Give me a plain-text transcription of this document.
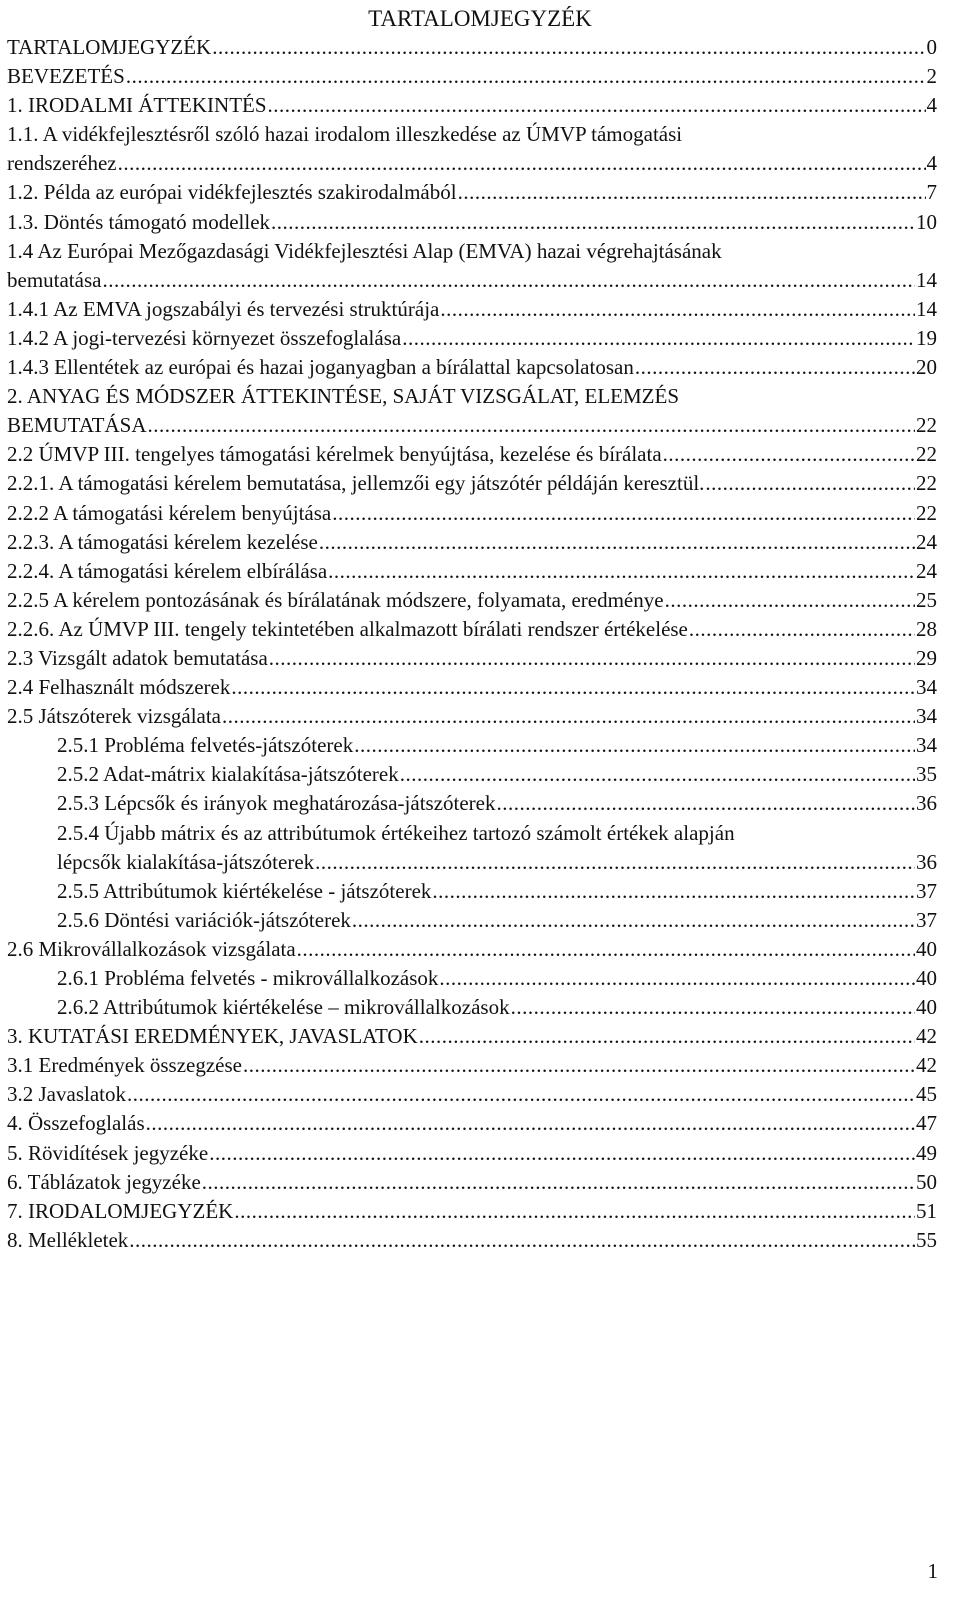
TARTALOMJEGYZÉK
TARTALOMJEGYZÉK .....	0
BEVEZETÉS .....	2
1. IRODALMI ÁTTEKINTÉS .....	4
1.1. A vidékfejlesztésről szóló hazai irodalom illeszkedése az ÚMVP támogatási
rendszeréhez .....	4
1.2. Példa az európai vidékfejlesztés szakirodalmából .....	7
1.3. Döntés támogató modellek .....	10
1.4 Az Európai Mezőgazdasági Vidékfejlesztési Alap (EMVA) hazai végrehajtásának
bemutatása .....	14
1.4.1 Az EMVA jogszabályi és tervezési struktúrája .....	14
1.4.2 A jogi-tervezési környezet összefoglalása .....	19
1.4.3 Ellentétek az európai és hazai joganyagban a bírálattal kapcsolatosan .....	20
2. ANYAG ÉS MÓDSZER ÁTTEKINTÉSE, SAJÁT VIZSGÁLAT, ELEMZÉS
BEMUTATÁSA .....	22
2.2 ÚMVP III. tengelyes támogatási kérelmek benyújtása, kezelése és bírálata .....	22
2.2.1. A támogatási kérelem bemutatása, jellemzői egy játszótér példáján keresztül. .....	22
2.2.2 A támogatási kérelem benyújtása .....	22
2.2.3. A támogatási kérelem kezelése .....	24
2.2.4. A támogatási kérelem elbírálása .....	24
2.2.5 A kérelem pontozásának és bírálatának módszere, folyamata, eredménye .....	25
2.2.6. Az ÚMVP III. tengely tekintetében alkalmazott bírálati rendszer értékelése .....	28
2.3 Vizsgált adatok bemutatása .....	29
2.4 Felhasznált módszerek .....	34
2.5 Játszóterek vizsgálata .....	34
2.5.1 Probléma felvetés-játszóterek .....	34
2.5.2 Adat-mátrix kialakítása-játszóterek .....	35
2.5.3 Lépcsők és irányok meghatározása-játszóterek .....	36
2.5.4 Újabb mátrix és az attribútumok értékeihez tartozó számolt értékek alapján
lépcsők kialakítása-játszóterek .....	36
2.5.5 Attribútumok kiértékelése - játszóterek .....	37
2.5.6 Döntési variációk-játszóterek .....	37
2.6 Mikrovállalkozások vizsgálata .....	40
2.6.1 Probléma felvetés - mikrovállalkozások .....	40
2.6.2 Attribútumok kiértékelése – mikrovállalkozások .....	40
3. KUTATÁSI EREDMÉNYEK, JAVASLATOK .....	42
3.1 Eredmények összegzése .....	42
3.2 Javaslatok .....	45
4. Összefoglalás .....	47
5. Rövidítések jegyzéke .....	49
6. Táblázatok jegyzéke .....	50
7. IRODALOMJEGYZÉK .....	51
8. Mellékletek .....	55
1
